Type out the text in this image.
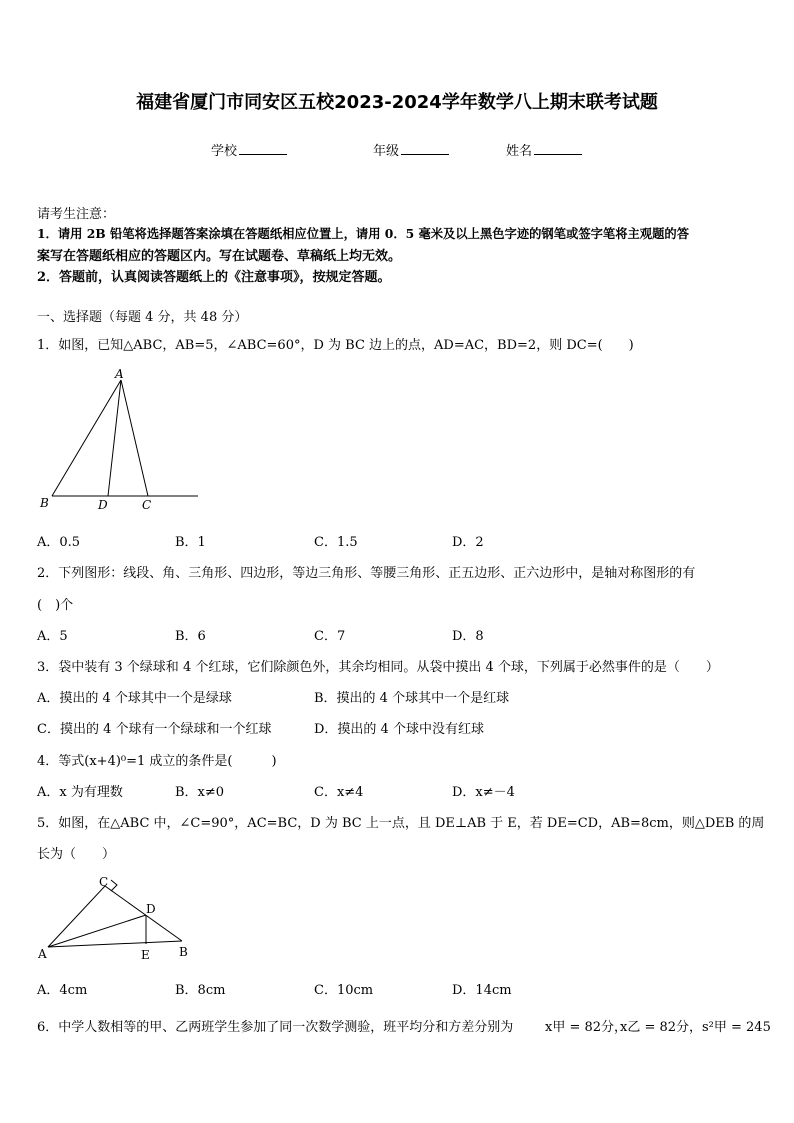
福建省厦门市同安区五校2023-2024学年数学八上期末联考试题
学校	年级	姓名
请考生注意：
1．请用 2B 铅笔将选择题答案涂填在答题纸相应位置上，请用 0．5 毫米及以上黑色字迹的钢笔或签字笔将主观题的答
案写在答题纸相应的答题区内。写在试题卷、草稿纸上均无效。
2．答题前，认真阅读答题纸上的《注意事项》，按规定答题。
一、选择题（每题 4 分，共 48 分）
1．如图，已知△ABC，AB=5，∠ABC=60°，D 为 BC 边上的点，AD=AC，BD=2，则 DC=(　　)
A
B	D	C
A．0.5	B．1	C．1.5	D．2
2．下列图形：线段、角、三角形、四边形，等边三角形、等腰三角形、正五边形、正六边形中，是轴对称图形的有
(　)个
A．5	B．6	C．7	D．8
3．袋中装有 3 个绿球和 4 个红球，它们除颜色外，其余均相同。从袋中摸出 4 个球，下列属于必然事件的是（　　）
A．摸出的 4 个球其中一个是绿球	B．摸出的 4 个球其中一个是红球
C．摸出的 4 个球有一个绿球和一个红球	D．摸出的 4 个球中没有红球
4．等式(x+4)⁰=1 成立的条件是(　　　)
A．x 为有理数	B．x≠0	C．x≠4	D．x≠－4
5．如图，在△ABC 中，∠C=90°，AC=BC，D 为 BC 上一点，且 DE⊥AB 于 E，若 DE=CD，AB=8cm，则△DEB 的周
长为（　　）
C
D
A	E B
A．4cm	B．8cm	C．10cm	D．14cm
6．中学人数相等的甲、乙两班学生参加了同一次数学测验，班平均分和方差分别为 x甲 = 82分，
x乙 = 82分， s²甲 = 245
